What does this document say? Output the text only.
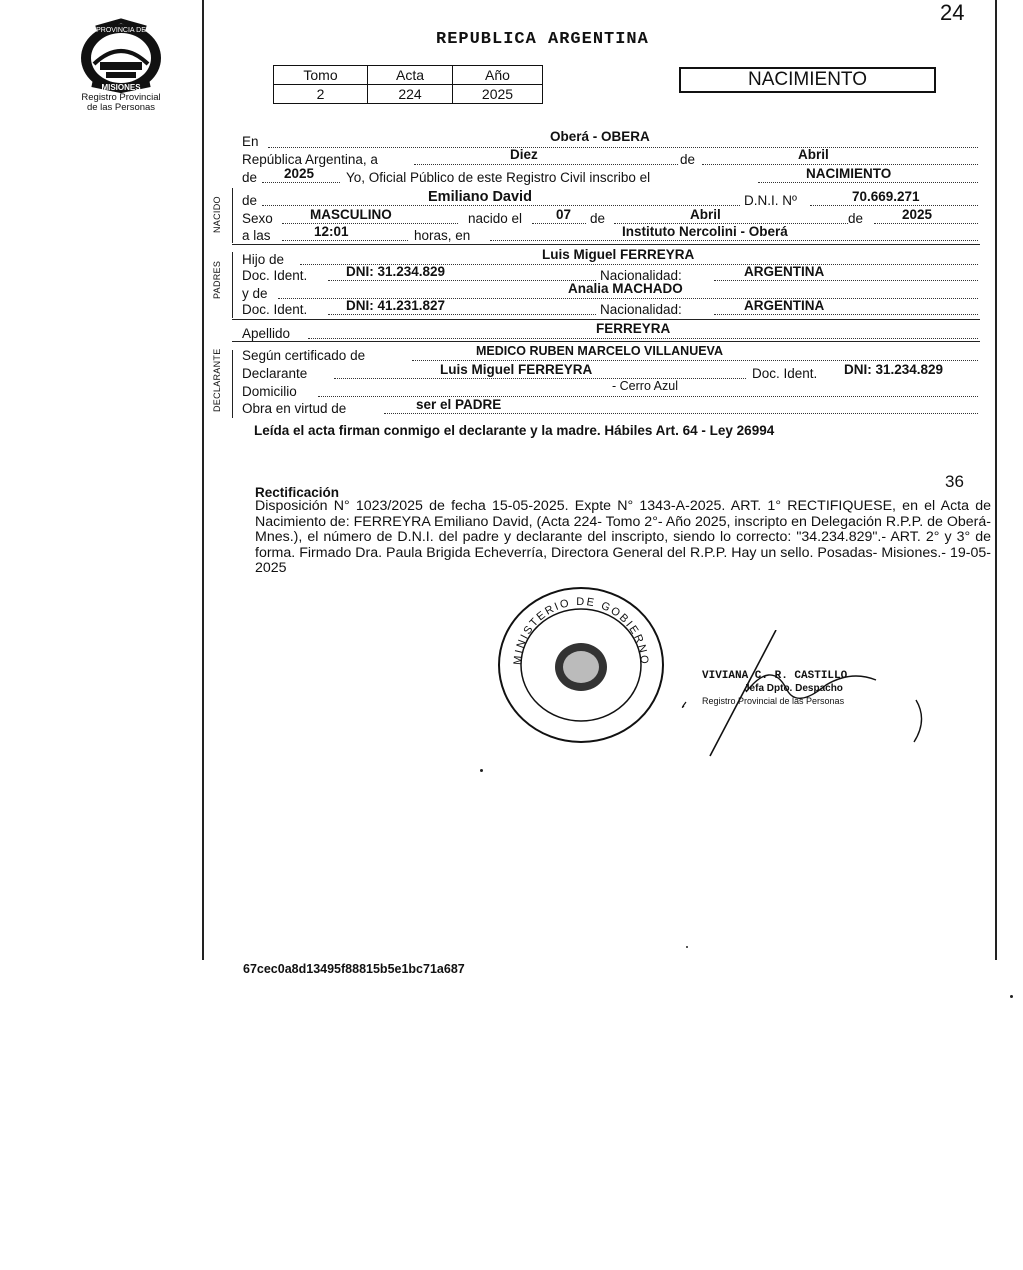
24
PROVINCIA DE
MISIONES
Registro Provincial
de las Personas
REPUBLICA ARGENTINA
Tomo	Acta	Año
2	224	2025
NACIMIENTO
NACIDO
PADRES
DECLARANTE
En	Oberá - OBERA
República Argentina, a	Diez	de	Abril
de 2025 Yo, Oficial Público de este Registro Civil inscribo el	NACIMIENTO
de	Emiliano David	D.N.I. Nº	70.669.271
Sexo	MASCULINO	nacido el	07 de	Abril	de	2025
a las	12:01	horas, en	Instituto Nercolini - Oberá
Hijo de	Luis Miguel FERREYRA
Doc. Ident.	DNI: 31.234.829	Nacionalidad:	ARGENTINA
y de	Analia MACHADO
Doc. Ident.	DNI: 41.231.827	Nacionalidad:	ARGENTINA
Apellido	FERREYRA
Según certificado de	MEDICO RUBEN MARCELO VILLANUEVA
Declarante	Luis Miguel FERREYRA	Doc. Ident. DNI: 31.234.829
Domicilio	- Cerro Azul
Obra en virtud de	ser el PADRE
Leída el acta firman conmigo el declarante y la madre. Hábiles Art. 64 - Ley 26994
36
Rectificación
Disposición N° 1023/2025 de fecha 15-05-2025. Expte N° 1343-A-2025. ART. 1° RECTIFIQUESE, en el Acta de Nacimiento de: FERREYRA Emiliano David, (Acta 224- Tomo 2°- Año 2025, inscripto en Delegación R.P.P. de Oberá-Mnes.), el número de D.N.I. del padre y declarante del inscripto, siendo lo correcto: "34.234.829".- ART. 2° y 3° de forma. Firmado Dra. Paula Brigida Echeverría, Directora General del R.P.P. Hay un sello. Posadas- Misiones.- 19-05-2025
MINISTERIO DE GOBIERNO
VIVIANA C. R. CASTILLO
Jefa Dpto. Despacho
Registro Provincial de las Personas
67cec0a8d13495f88815b5e1bc71a687
